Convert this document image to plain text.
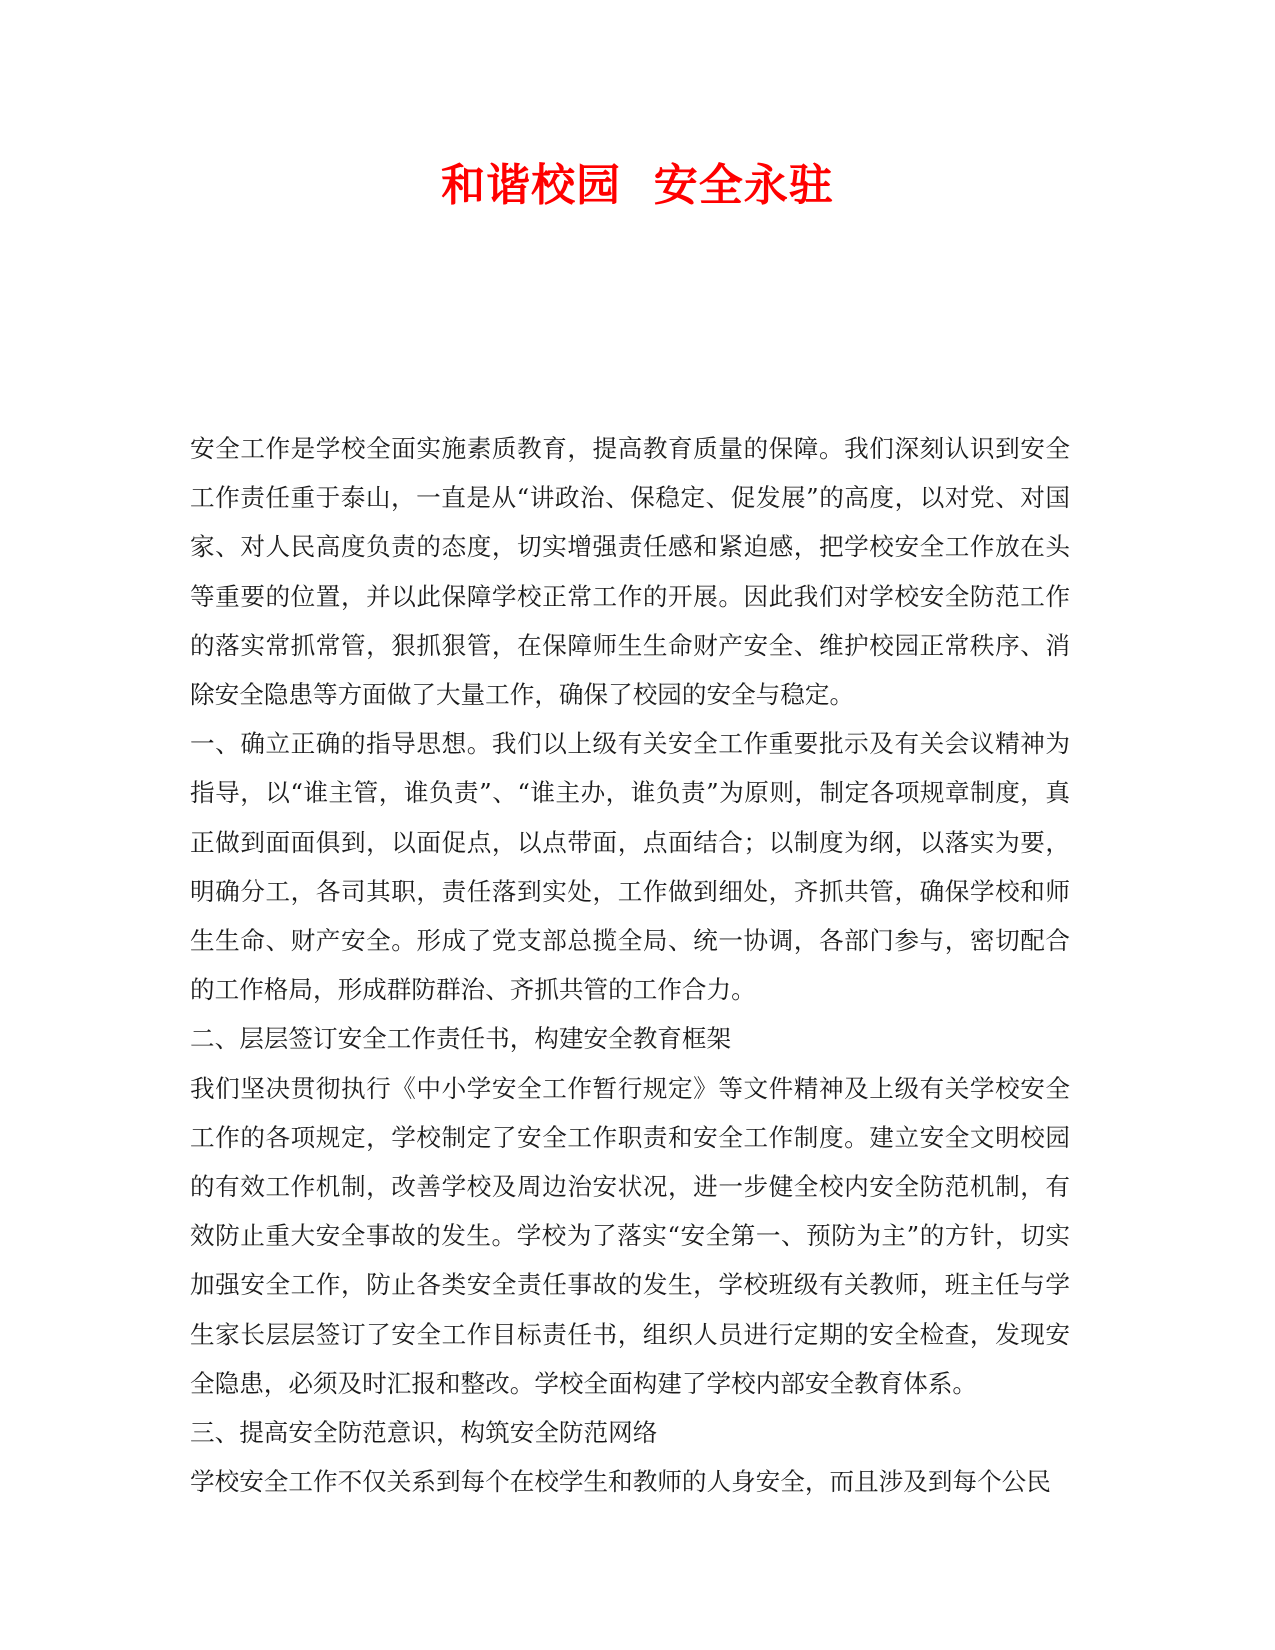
和谐校园  安全永驻

安全工作是学校全面实施素质教育，提高教育质量的保障。我们深刻认识到安全工作责任重于泰山，一直是从“讲政治、保稳定、促发展”的高度，以对党、对国家、对人民高度负责的态度，切实增强责任感和紧迫感，把学校安全工作放在头等重要的位置，并以此保障学校正常工作的开展。因此我们对学校安全防范工作的落实常抓常管，狠抓狠管，在保障师生生命财产安全、维护校园正常秩序、消除安全隐患等方面做了大量工作，确保了校园的安全与稳定。

一、确立正确的指导思想。我们以上级有关安全工作重要批示及有关会议精神为指导，以“谁主管，谁负责”、“谁主办，谁负责”为原则，制定各项规章制度，真正做到面面俱到，以面促点，以点带面，点面结合；以制度为纲，以落实为要，明确分工，各司其职，责任落到实处，工作做到细处，齐抓共管，确保学校和师生生命、财产安全。形成了党支部总揽全局、统一协调，各部门参与，密切配合的工作格局，形成群防群治、齐抓共管的工作合力。

二、层层签订安全工作责任书，构建安全教育框架

我们坚决贯彻执行《中小学安全工作暂行规定》等文件精神及上级有关学校安全工作的各项规定，学校制定了安全工作职责和安全工作制度。建立安全文明校园的有效工作机制，改善学校及周边治安状况，进一步健全校内安全防范机制，有效防止重大安全事故的发生。学校为了落实“安全第一、预防为主”的方针，切实加强安全工作，防止各类安全责任事故的发生，学校班级有关教师，班主任与学生家长层层签订了安全工作目标责任书，组织人员进行定期的安全检查，发现安全隐患，必须及时汇报和整改。学校全面构建了学校内部安全教育体系。

三、提高安全防范意识，构筑安全防范网络

学校安全工作不仅关系到每个在校学生和教师的人身安全，而且涉及到每个公民
